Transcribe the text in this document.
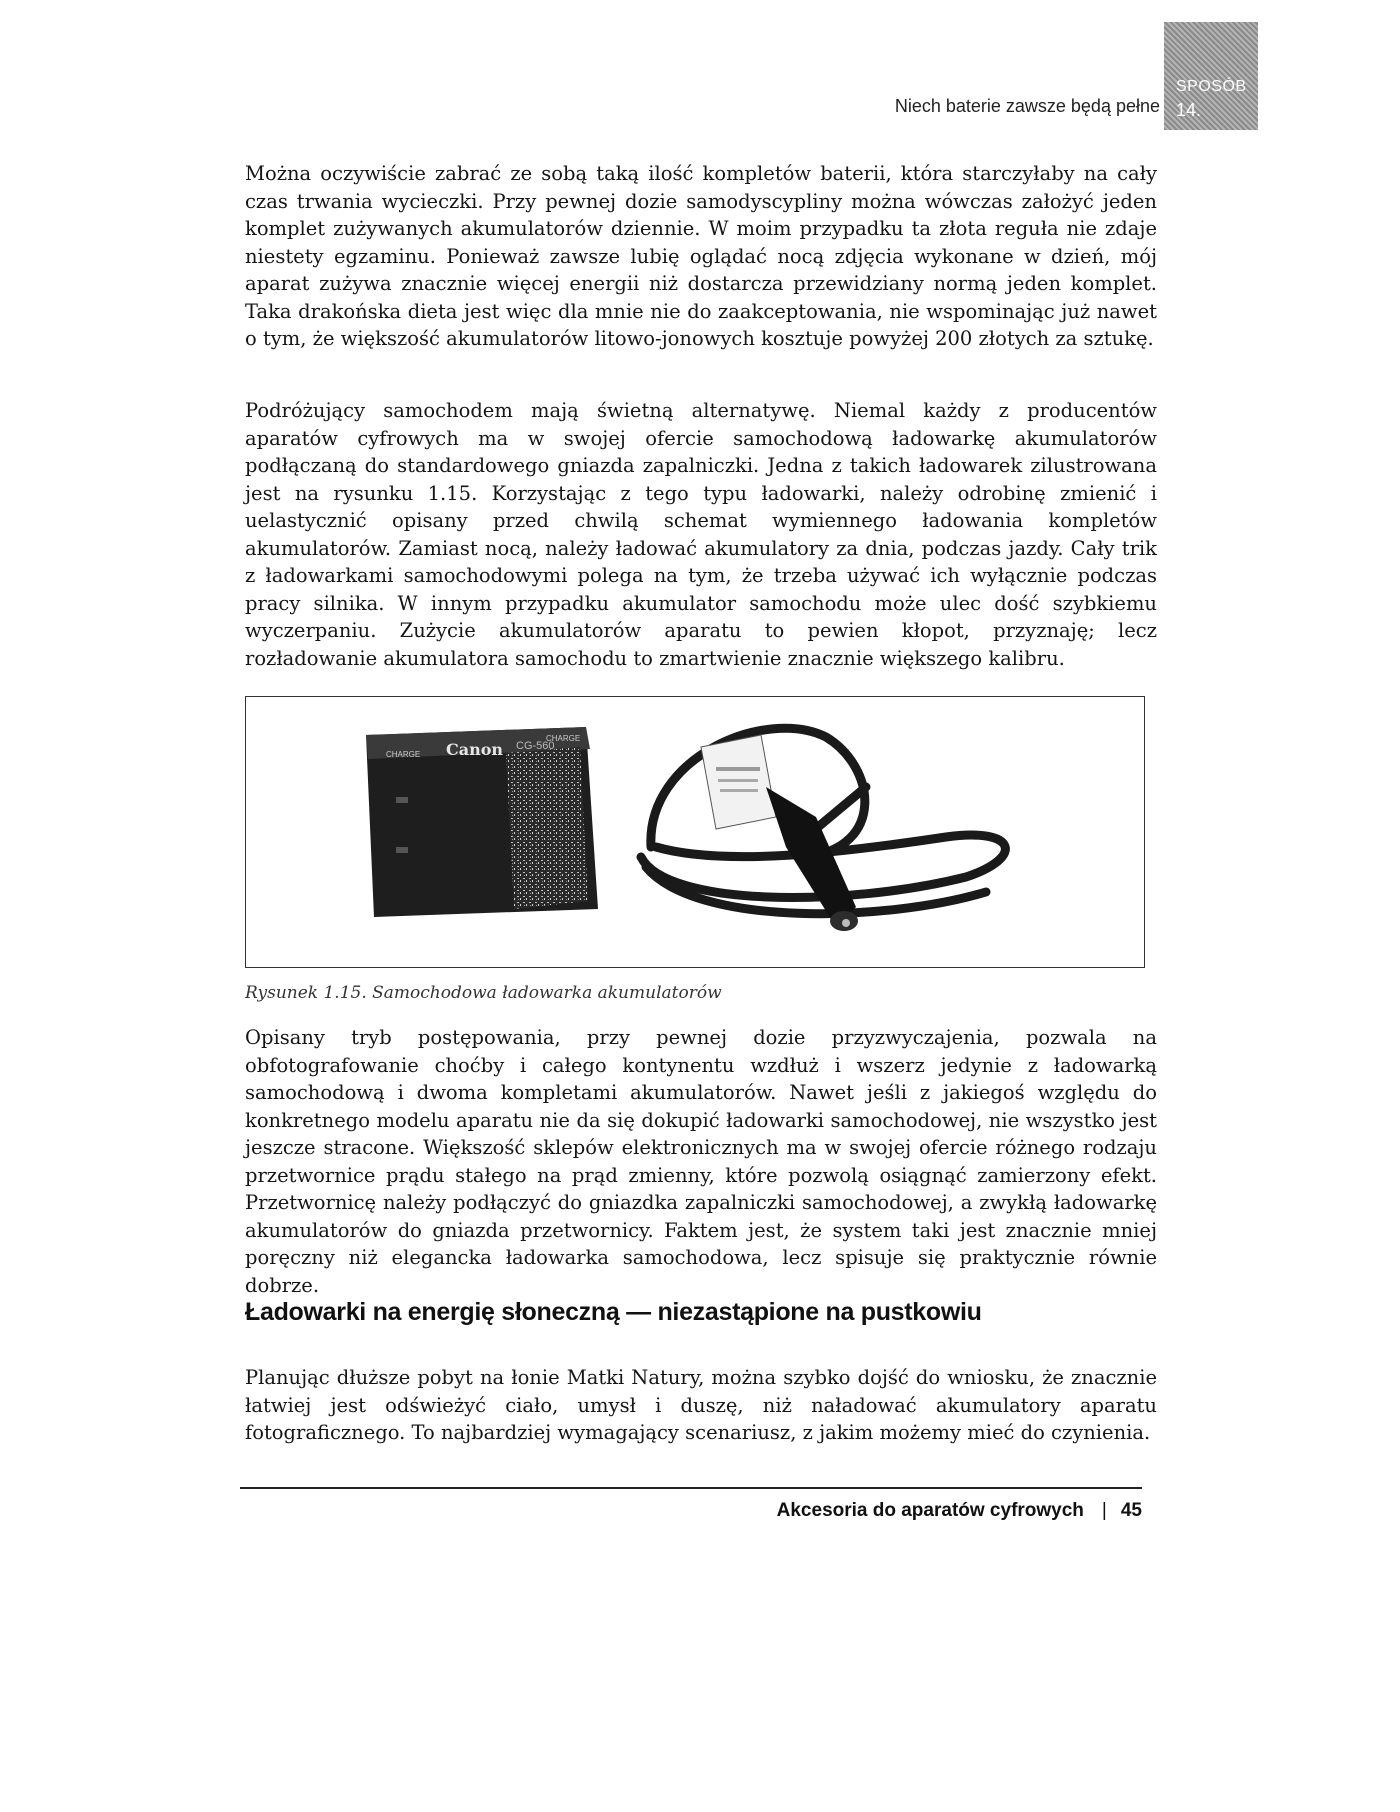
Niech baterie zawsze będą pełne
SPOSÓB
14.

Można oczywiście zabrać ze sobą taką ilość kompletów baterii, która starczyłaby na cały czas trwania wycieczki. Przy pewnej dozie samodyscypliny można wówczas założyć jeden komplet zużywanych akumulatorów dziennie. W moim przypadku ta złota reguła nie zdaje niestety egzaminu. Ponieważ zawsze lubię oglądać nocą zdjęcia wykonane w dzień, mój aparat zużywa znacznie więcej energii niż dostarcza przewidziany normą jeden komplet. Taka drakońska dieta jest więc dla mnie nie do zaakceptowania, nie wspominając już nawet o tym, że większość akumulatorów litowo-jonowych kosztuje powyżej 200 złotych za sztukę.

Podróżujący samochodem mają świetną alternatywę. Niemal każdy z producentów aparatów cyfrowych ma w swojej ofercie samochodową ładowarkę akumulatorów podłączaną do standardowego gniazda zapalniczki. Jedna z takich ładowarek zilustrowana jest na rysunku 1.15. Korzystając z tego typu ładowarki, należy odrobinę zmienić i uelastycznić opisany przed chwilą schemat wymiennego ładowania kompletów akumulatorów. Zamiast nocą, należy ładować akumulatory za dnia, podczas jazdy. Cały trik z ładowarkami samochodowymi polega na tym, że trzeba używać ich wyłącznie podczas pracy silnika. W innym przypadku akumulator samochodu może ulec dość szybkiemu wyczerpaniu. Zużycie akumulatorów aparatu to pewien kłopot, przyznaję; lecz rozładowanie akumulatora samochodu to zmartwienie znacznie większego kalibru.

CHARGE Canon CG-560
CHARGE
Rysunek 1.15. Samochodowa ładowarka akumulatorów

Opisany tryb postępowania, przy pewnej dozie przyzwyczajenia, pozwala na obfotografowanie choćby i całego kontynentu wzdłuż i wszerz jedynie z ładowarką samochodową i dwoma kompletami akumulatorów. Nawet jeśli z jakiegoś względu do konkretnego modelu aparatu nie da się dokupić ładowarki samochodowej, nie wszystko jest jeszcze stracone. Większość sklepów elektronicznych ma w swojej ofercie różnego rodzaju przetwornice prądu stałego na prąd zmienny, które pozwolą osiągnąć zamierzony efekt. Przetwornicę należy podłączyć do gniazdka zapalniczki samochodowej, a zwykłą ładowarkę akumulatorów do gniazda przetwornicy. Faktem jest, że system taki jest znacznie mniej poręczny niż elegancka ładowarka samochodowa, lecz spisuje się praktycznie równie dobrze.

Ładowarki na energię słoneczną — niezastąpione na pustkowiu

Planując dłuższe pobyt na łonie Matki Natury, można szybko dojść do wniosku, że znacznie łatwiej jest odświeżyć ciało, umysł i duszę, niż naładować akumulatory aparatu fotograficznego. To najbardziej wymagający scenariusz, z jakim możemy mieć do czynienia.

Akcesoria do aparatów cyfrowych | 45
